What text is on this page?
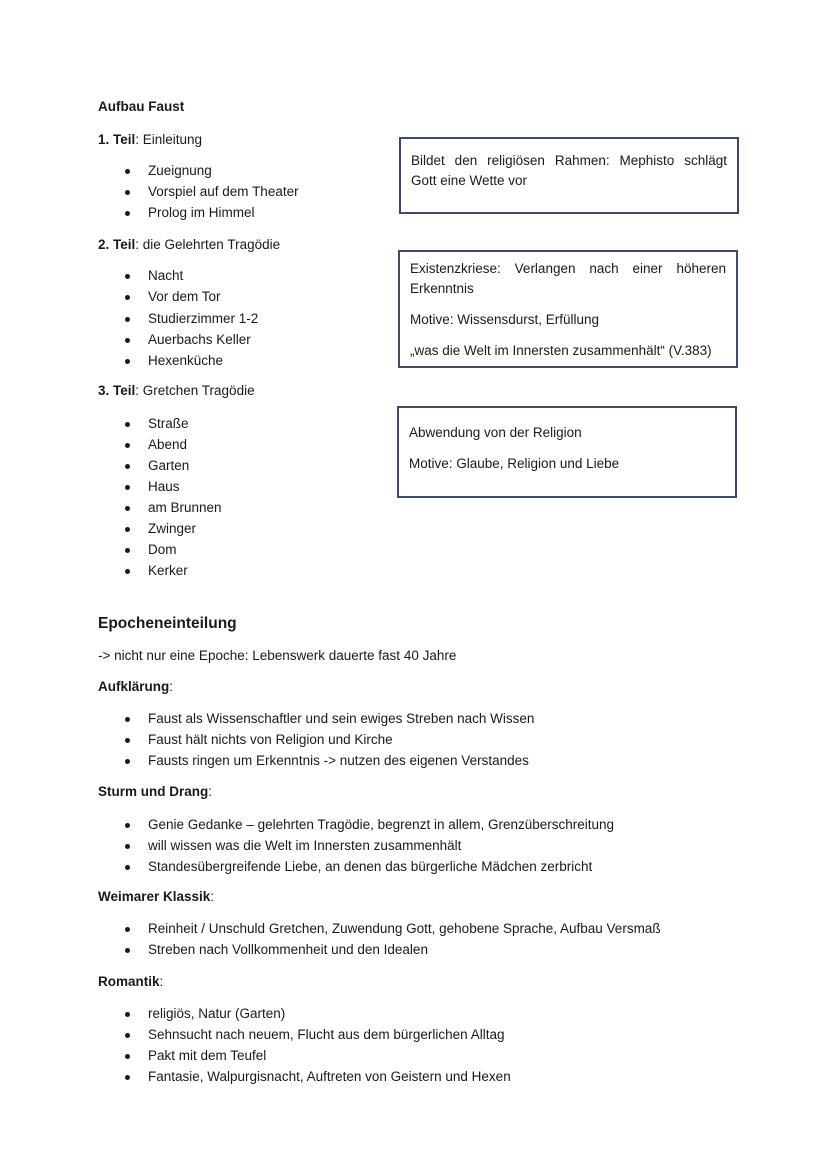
Bildet den religiösen Rahmen: Mephisto schlägt

Gott eine Wette vor

Existenzkriese: Verlangen nach einer höheren

Erkenntnis

Motive: Wissensdurst, Erfüllung

„was die Welt im Innersten zusammenhält“ (V.383)

Abwendung von der Religion

Motive: Glaube, Religion und Liebe

Aufbau Faust
1. Teil: Einleitung
Zueignung
Vorspiel auf dem Theater
Prolog im Himmel
2. Teil: die Gelehrten Tragödie
Nacht
Vor dem Tor
Studierzimmer 1-2
Auerbachs Keller
Hexenküche
3. Teil: Gretchen Tragödie
Straße
Abend
Garten
Haus
am Brunnen
Zwinger
Dom
Kerker
Epocheneinteilung
-> nicht nur eine Epoche: Lebenswerk dauerte fast 40 Jahre
Aufklärung:
Faust als Wissenschaftler und sein ewiges Streben nach Wissen
Faust hält nichts von Religion und Kirche
Fausts ringen um Erkenntnis -> nutzen des eigenen Verstandes
Sturm und Drang:
Genie Gedanke – gelehrten Tragödie, begrenzt in allem, Grenzüberschreitung
will wissen was die Welt im Innersten zusammenhält
Standesübergreifende Liebe, an denen das bürgerliche Mädchen zerbricht
Weimarer Klassik:
Reinheit / Unschuld Gretchen, Zuwendung Gott, gehobene Sprache, Aufbau Versmaß
Streben nach Vollkommenheit und den Idealen
Romantik:
religiös, Natur (Garten)
Sehnsucht nach neuem, Flucht aus dem bürgerlichen Alltag
Pakt mit dem Teufel
Fantasie, Walpurgisnacht, Auftreten von Geistern und Hexen
